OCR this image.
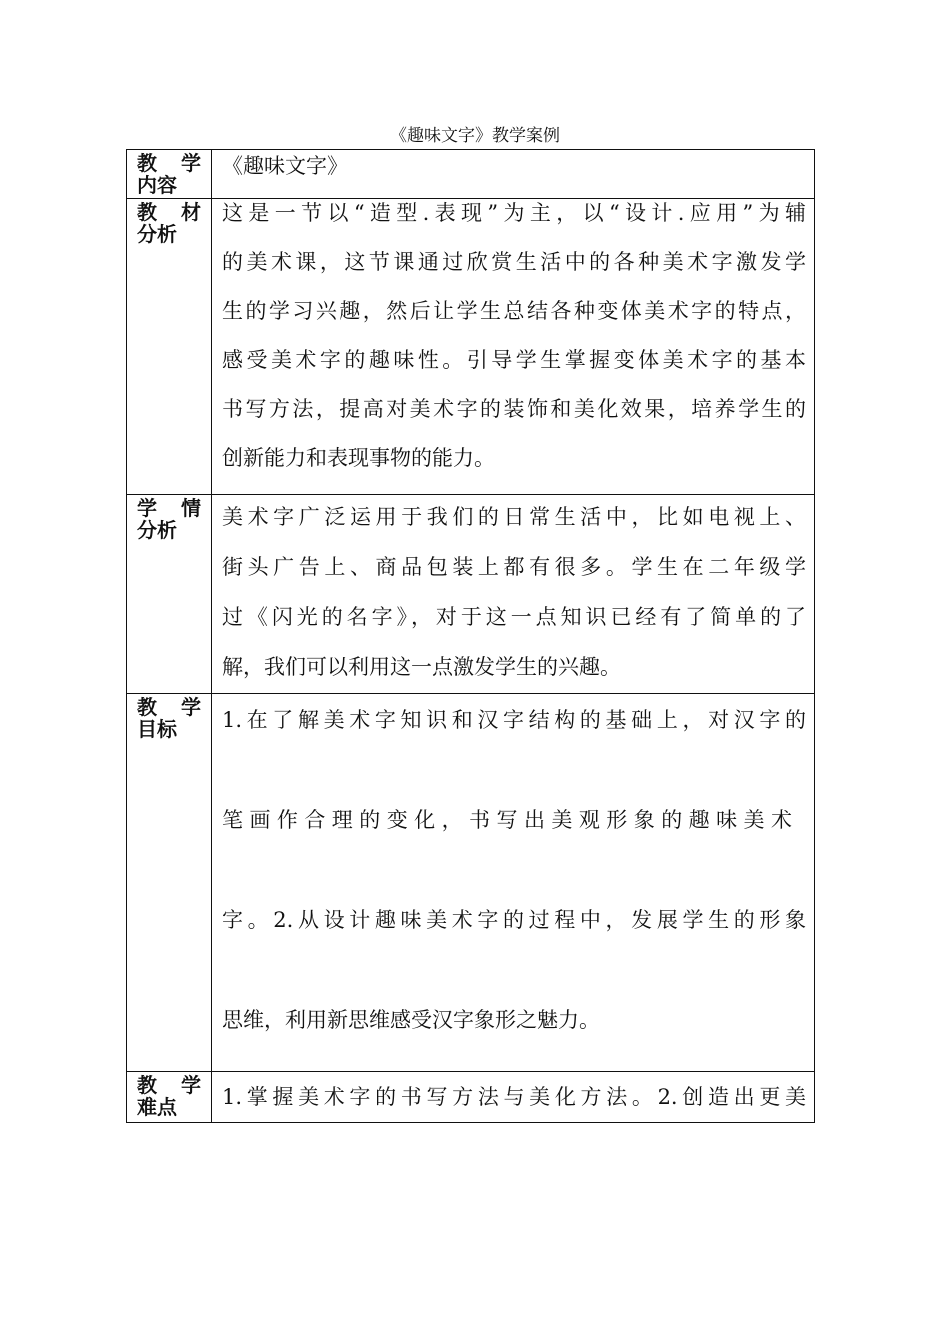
《趣味文字》教学案例
教学
内容
《趣味文字》
教材
分析
这是一节以“造型.表现”为主，以“设计.应用”为辅
的美术课，这节课通过欣赏生活中的各种美术字激发学
生的学习兴趣，然后让学生总结各种变体美术字的特点，
感受美术字的趣味性。引导学生掌握变体美术字的基本
书写方法，提高对美术字的装饰和美化效果，培养学生的
创新能力和表现事物的能力。
学情
分析
美术字广泛运用于我们的日常生活中，比如电视上、
街头广告上、商品包装上都有很多。学生在二年级学
过《闪光的名字》，对于这一点知识已经有了简单的了
解，我们可以利用这一点激发学生的兴趣。
教学
目标	1.在了解美术字知识和汉字结构的基础上，对汉字的
笔画作合理的变化，书写出美观形象的趣味美术
字。2.从设计趣味美术字的过程中，发展学生的形象
思维，利用新思维感受汉字象形之魅力。
教学
难点	1.掌握美术字的书写方法与美化方法。2.创造出更美
